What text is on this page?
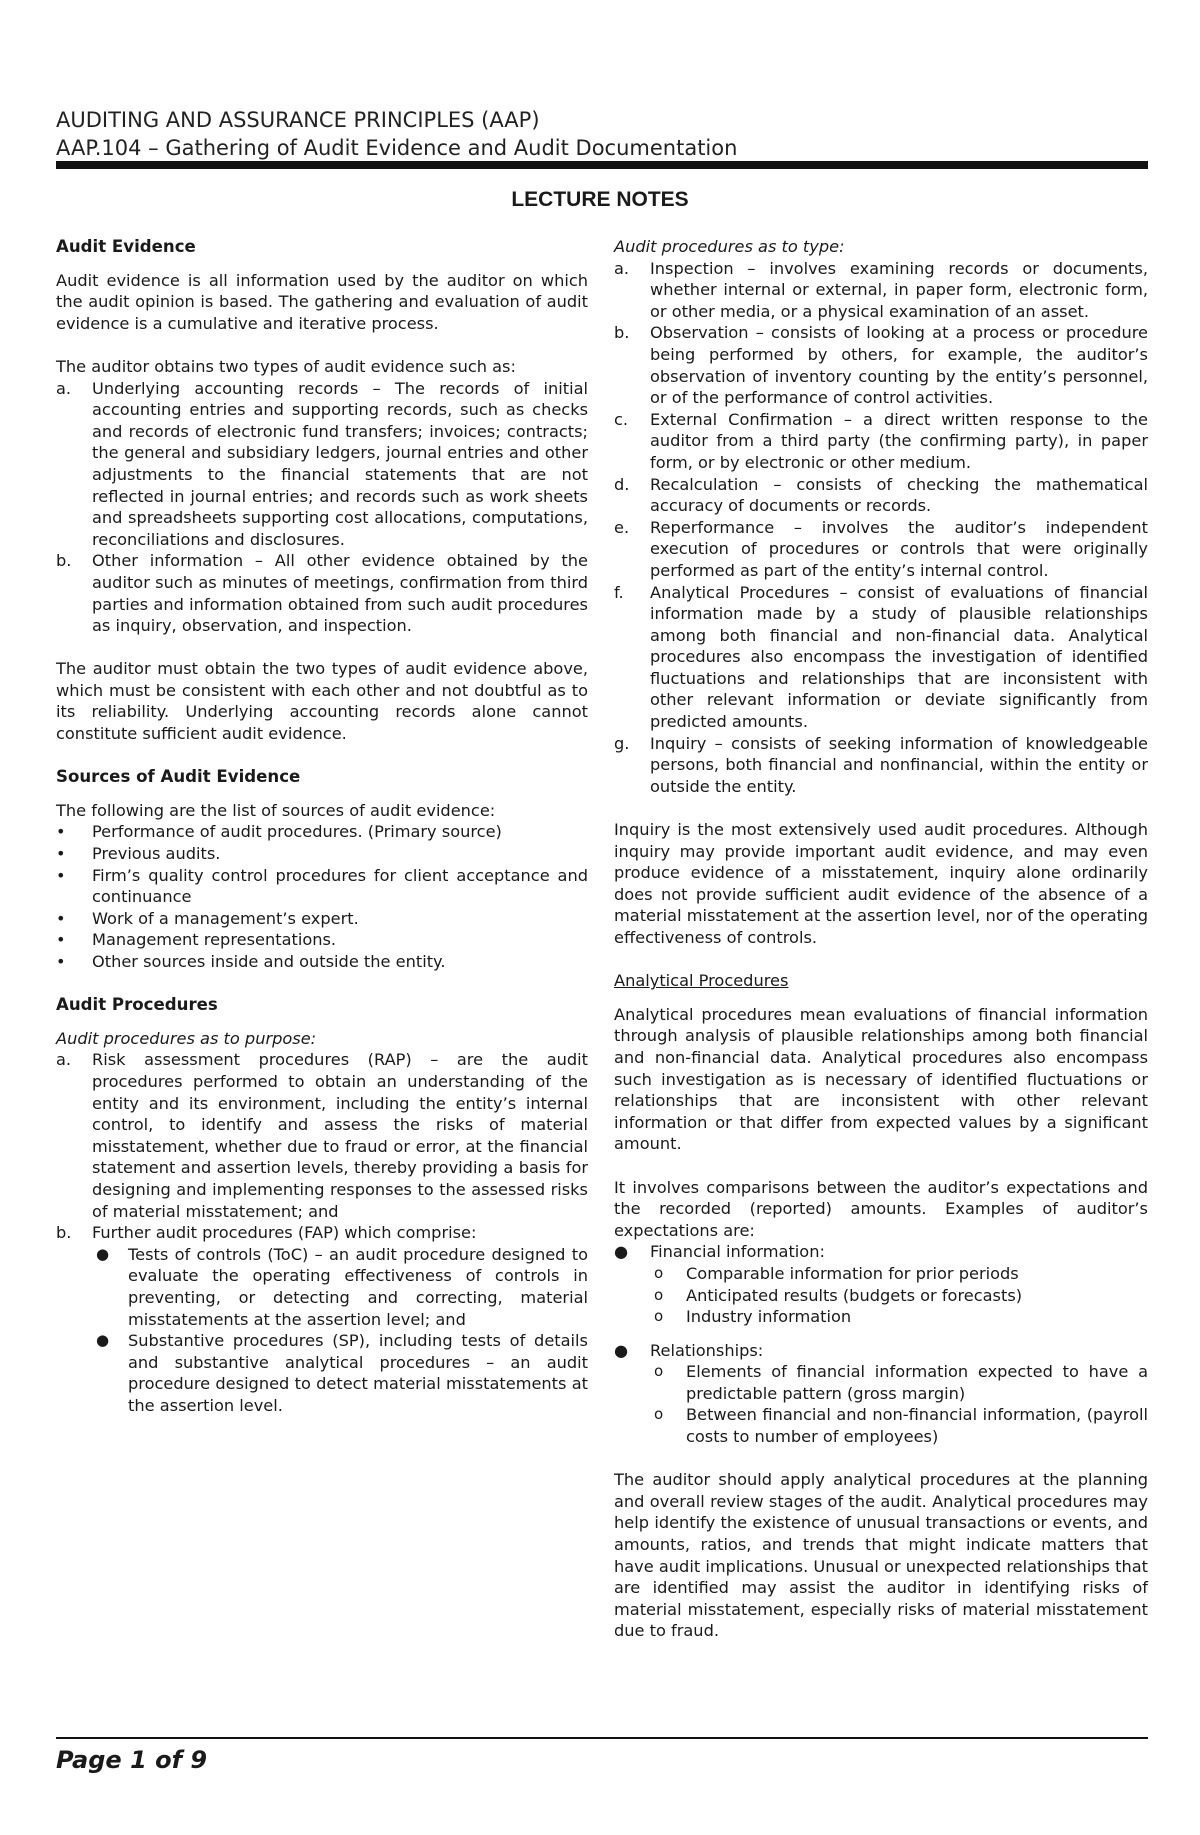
AUDITING AND ASSURANCE PRINCIPLES (AAP)
AAP.104 – Gathering of Audit Evidence and Audit Documentation
LECTURE NOTES
Audit Evidence

Audit evidence is all information used by the auditor on which the audit opinion is based. The gathering and evaluation of audit evidence is a cumulative and iterative process.

The auditor obtains two types of audit evidence such as:

a. Underlying accounting records – The records of initial accounting entries and supporting records, such as checks and records of electronic fund transfers; invoices; contracts; the general and subsidiary ledgers, journal entries and other adjustments to the financial statements that are not reflected in journal entries; and records such as work sheets and spreadsheets supporting cost allocations, computations, reconciliations and disclosures.
b. Other information – All other evidence obtained by the auditor such as minutes of meetings, confirmation from third parties and information obtained from such audit procedures as inquiry, observation, and inspection.

The auditor must obtain the two types of audit evidence above, which must be consistent with each other and not doubtful as to its reliability. Underlying accounting records alone cannot constitute sufficient audit evidence.

Sources of Audit Evidence

The following are the list of sources of audit evidence:

• Performance of audit procedures. (Primary source)
• Previous audits.
• Firm’s quality control procedures for client acceptance and continuance
• Work of a management’s expert.
• Management representations.
• Other sources inside and outside the entity.
Audit Procedures
Audit procedures as to purpose:
a. Risk assessment procedures (RAP) – are the audit procedures performed to obtain an understanding of the entity and its environment, including the entity’s internal control, to identify and assess the risks of material misstatement, whether due to fraud or error, at the financial statement and assertion levels, thereby providing a basis for designing and implementing responses to the assessed risks of material misstatement; and
b. Further audit procedures (FAP) which comprise:
● Tests of controls (ToC) – an audit procedure designed to evaluate the operating effectiveness of controls in preventing, or detecting and correcting, material misstatements at the assertion level; and
● Substantive procedures (SP), including tests of details and substantive analytical procedures – an audit procedure designed to detect material misstatements at the assertion level.
Audit procedures as to type:
a. Inspection – involves examining records or documents, whether internal or external, in paper form, electronic form, or other media, or a physical examination of an asset.
b. Observation – consists of looking at a process or procedure being performed by others, for example, the auditor’s observation of inventory counting by the entity’s personnel, or of the performance of control activities.
c. External Confirmation – a direct written response to the auditor from a third party (the confirming party), in paper form, or by electronic or other medium.
d. Recalculation – consists of checking the mathematical accuracy of documents or records.
e. Reperformance – involves the auditor’s independent execution of procedures or controls that were originally performed as part of the entity’s internal control.
f. Analytical Procedures – consist of evaluations of financial information made by a study of plausible relationships among both financial and non-financial data. Analytical procedures also encompass the investigation of identified fluctuations and relationships that are inconsistent with other relevant information or deviate significantly from predicted amounts.
g. Inquiry – consists of seeking information of knowledgeable persons, both financial and nonfinancial, within the entity or outside the entity.

Inquiry is the most extensively used audit procedures. Although inquiry may provide important audit evidence, and may even produce evidence of a misstatement, inquiry alone ordinarily does not provide sufficient audit evidence of the absence of a material misstatement at the assertion level, nor of the operating effectiveness of controls.

Analytical Procedures

Analytical procedures mean evaluations of financial information through analysis of plausible relationships among both financial and non-financial data. Analytical procedures also encompass such investigation as is necessary of identified fluctuations or relationships that are inconsistent with other relevant information or that differ from expected values by a significant amount.

It involves comparisons between the auditor’s expectations and the recorded (reported) amounts. Examples of auditor’s expectations are:

● Financial information:
o Comparable information for prior periods
o Anticipated results (budgets or forecasts)
o Industry information
● Relationships:
o Elements of financial information expected to have a predictable pattern (gross margin)
o Between financial and non-financial information, (payroll costs to number of employees)

The auditor should apply analytical procedures at the planning and overall review stages of the audit. Analytical procedures may help identify the existence of unusual transactions or events, and amounts, ratios, and trends that might indicate matters that have audit implications. Unusual or unexpected relationships that are identified may assist the auditor in identifying risks of material misstatement, especially risks of material misstatement due to fraud.

Page 1 of 9
